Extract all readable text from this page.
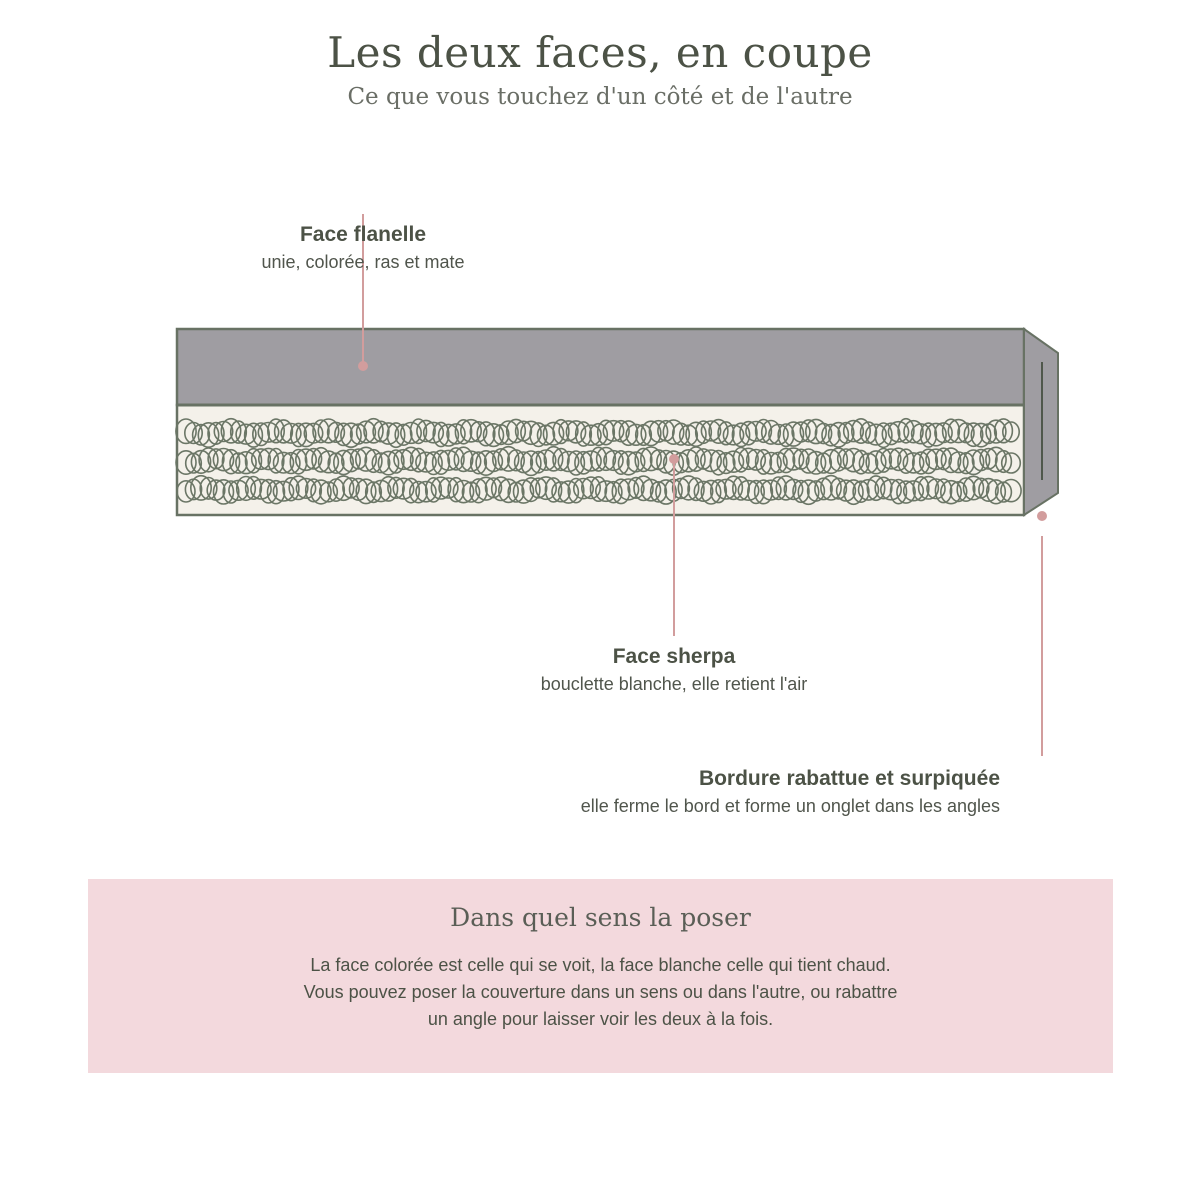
Les deux faces, en coupe
Ce que vous touchez d'un côté et de l'autre
Face flanelle
unie, colorée, ras et mate
Face sherpa
bouclette blanche, elle retient l'air
Bordure rabattue et surpiquée
elle ferme le bord et forme un onglet dans les angles
Dans quel sens la poser
La face colorée est celle qui se voit, la face blanche celle qui tient chaud.
Vous pouvez poser la couverture dans un sens ou dans l'autre, ou rabattre
un angle pour laisser voir les deux à la fois.
